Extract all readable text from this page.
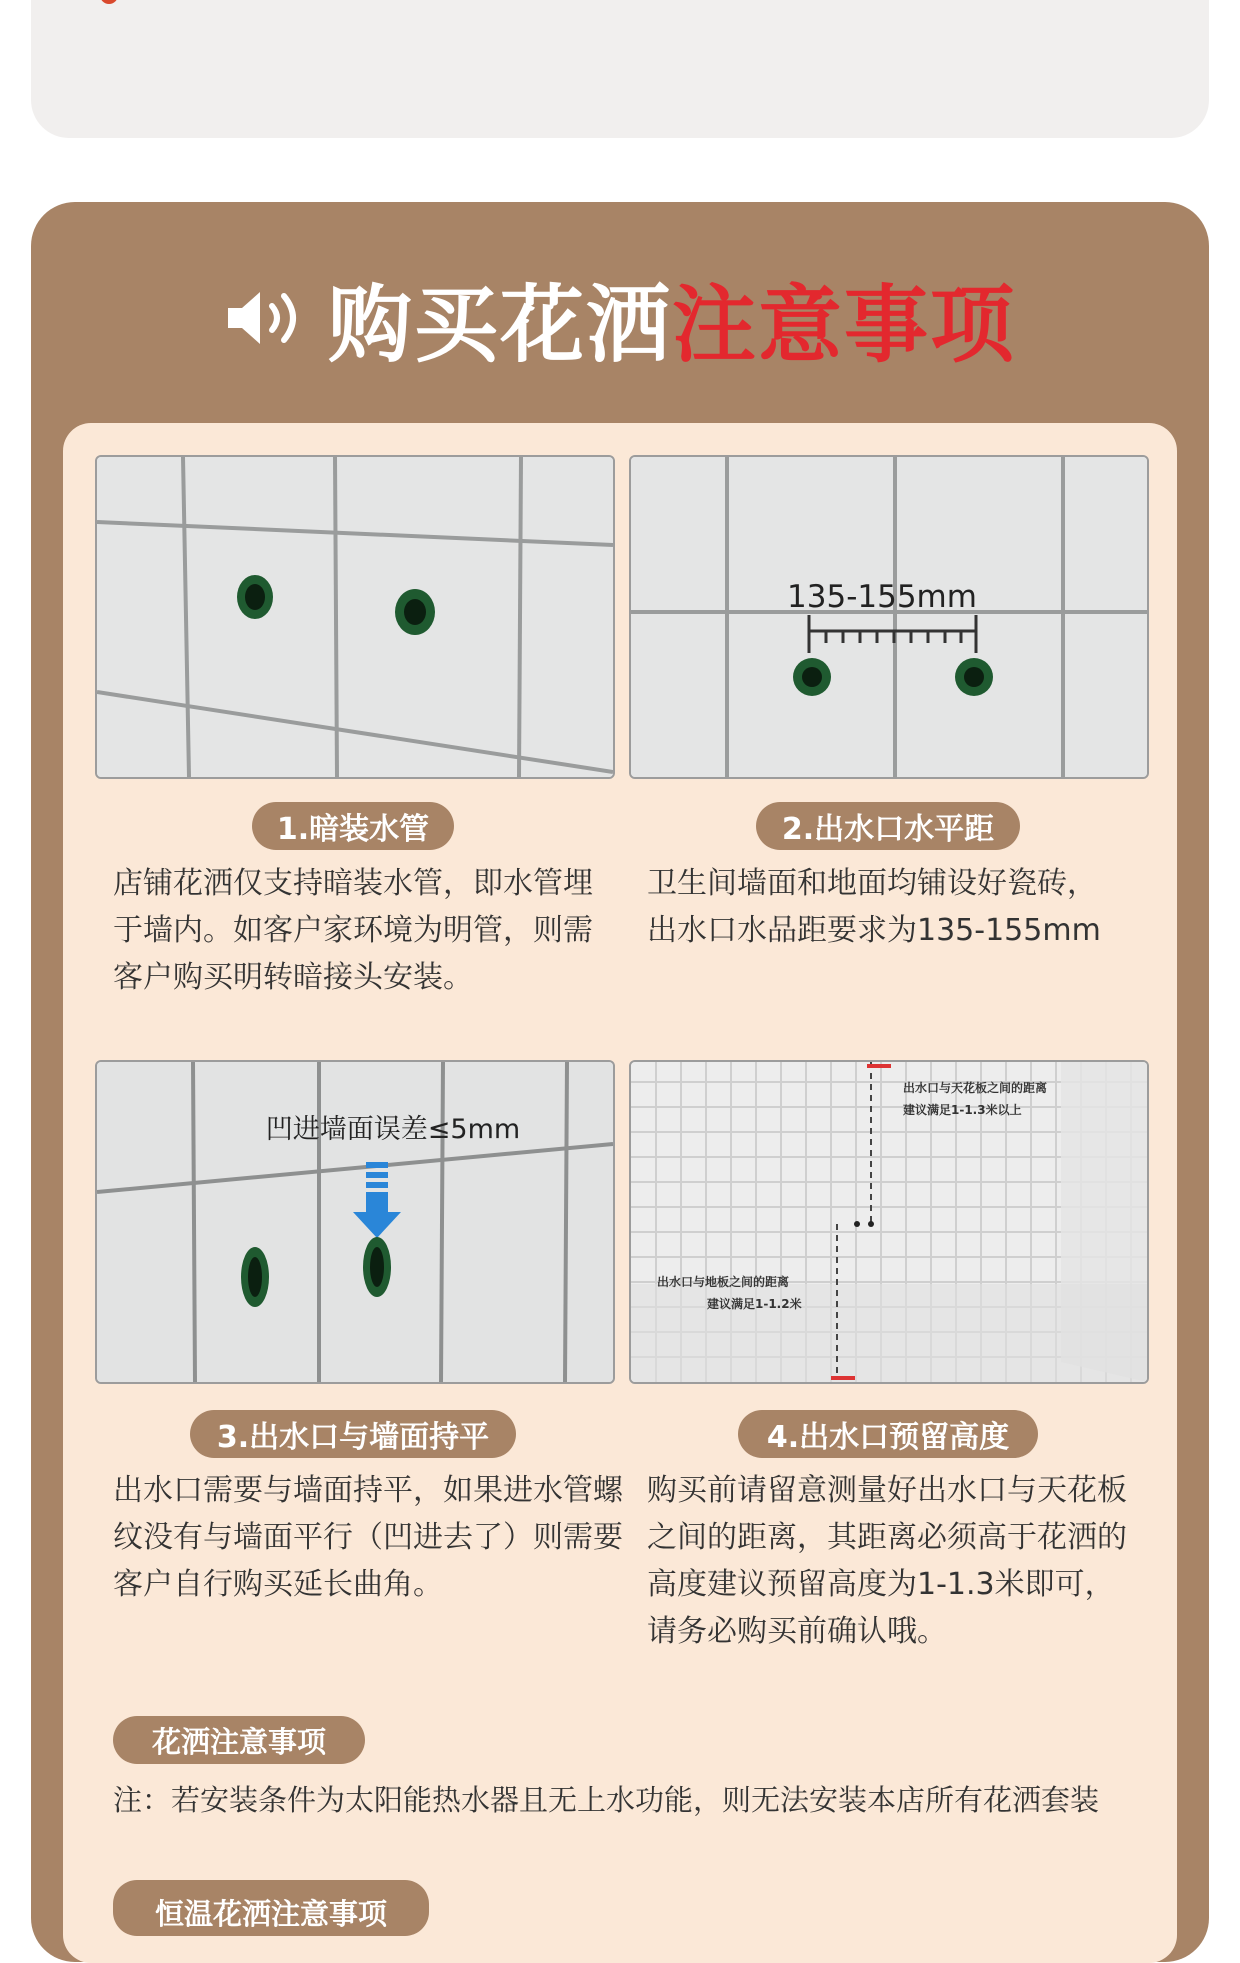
购买花洒 注意事项
135-155mm
1.暗装水管
店铺花洒仅支持暗装水管，即水管埋于墙内。如客户家环境为明管，则需客户购买明转暗接头安装。
2.出水口水平距
卫生间墙面和地面均铺设好瓷砖，出水口水品距要求为135-155mm
凹进墙面误差≤5mm
出水口与天花板之间的距离
建议满足1-1.3米以上
出水口与地板之间的距离
建议满足1-1.2米
3.出水口与墙面持平
出水口需要与墙面持平，如果进水管螺纹没有与墙面平行（凹进去了）则需要客户自行购买延长曲角。
4.出水口预留高度
购买前请留意测量好出水口与天花板之间的距离，其距离必须高于花洒的高度建议预留高度为1-1.3米即可，请务必购买前确认哦。
花洒注意事项
注：若安装条件为太阳能热水器且无上水功能，则无法安装本店所有花洒套装
恒温花洒注意事项
